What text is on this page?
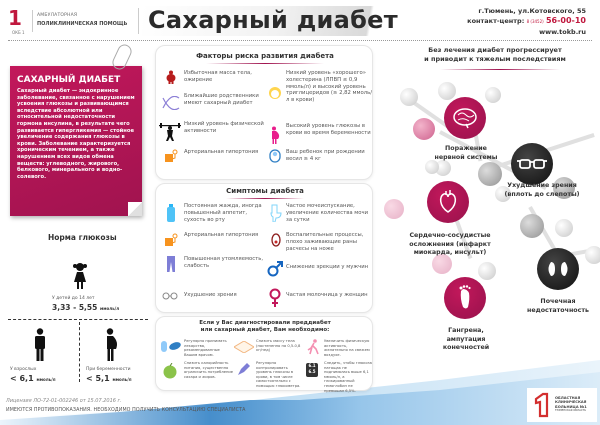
1
ОКБ 1
АМБУЛАТОРНАЯ
ПОЛИКЛИНИЧЕСКАЯ ПОМОЩЬ Сахарный диабет	г.Тюмень, ул.Котовского, 55
контакт-центр: 8 (3452) 56-00-10
www.tokb.ru
САХАРНЫЙ ДИАБЕТ
Сахарный диабет — эндокринное заболевание, связанное с нарушением усвоения глюкозы и развивающимся вследствие абсолютной или относительной недостаточности гормона инсулина, в результате чего развивается гипергликемия — стойное увеличение содержания глюкозы в крови. Заболевание характеризуется хроническим течением, а также нарушением всех видов обмена веществ: углеводного, жирового, белкового, минерального и водно-солевого.
Норма глюкозы
У детей до 14 лет
3,33 - 5,55 ммоль/л
У взрослых
< 6,1 ммоль/л
При беременности
< 5,1 ммоль/л
Факторы риска развития диабета
Избыточная масса тела, ожирение
Ближайшие родственники имеют сахарный диабет
Низкий уровень физической активности
Артериальная гипертония
Низкий уровень «хорошего» холестерина (ЛПВП ≤ 0,9 ммоль/л) и высокий уровень триглицеридов (≥ 2,82 ммоль/л в крови)
Высокий уровень глюкозы в крови во время беременности
Ваш ребенок при рождении весил ≥ 4 кг
Симптомы диабета
Постоянная жажда, иногда повышенный аппетит, сухость во рту
Артериальная гипертония
Повышенная утомляемость, слабость
Ухудшение зрения
Частое мочеиспускание, увеличение количества мочи за сутки
Воспалительные процессы, плохо заживающие раны расчесы на ноже
Снижение эрекции у мужчин
Частая молочница у женщин
Если у Вас диагностировали преддиабет
или сахарный диабет, Вам необходимо:
Регулярно принимать лекарства, рекомендованные Вашим врачом.
Снизить массу тела (постепенно на 0,5-0,8 кг/нед)
Увеличить физическую активность, желательно на свежем воздухе.
Снизить калорийность питания, существенно ограничить потребление сахара и жиров.
Регулярно контролировать уровень глюкозы в крови, в том числе самостоятельно с помощью глюкометра.
6.1
6.5
Следить, чтобы глюкоза натощак не поднималась выше 6,1 ммоль/л, а гликированный гемоглобин не превышал 6,5%.
Без лечения диабет прогрессирует
и приводит к тяжелым последствиям
Поражение
нервной системы
Ухудшение зрения
(вплоть до слепоты)
Сердечно-сосудистые
осложнения (инфаркт
миокарда, инсульт)
Почечная
недостаточность
Гангрена,
ампутация
конечностей
Лицензия ЛО-72-01-002246 от 15.07.2016 г.
ИМЕЮТСЯ ПРОТИВОПОКАЗАНИЯ. НЕОБХОДИМО ПОЛУЧИТЬ КОНСУЛЬТАЦИЮ СПЕЦИАЛИСТА
ОБЛАСТНАЯ
КЛИНИЧЕСКАЯ
БОЛЬНИЦА №1
ТЮМЕНСКАЯ ОБЛАСТЬ
